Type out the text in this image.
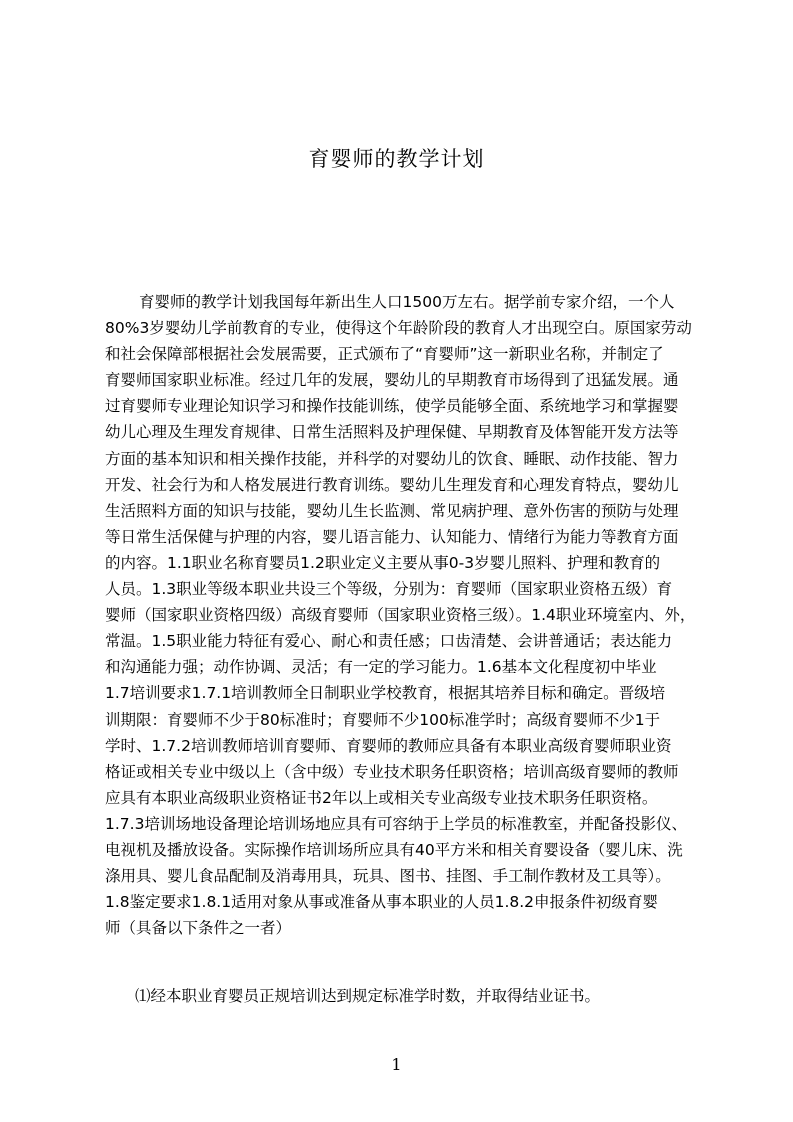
育婴师的教学计划
育婴师的教学计划我国每年新出生人口1500万左右。据学前专家介绍，一个人
80%3岁婴幼儿学前教育的专业，使得这个年龄阶段的教育人才出现空白。原国家劳动
和社会保障部根据社会发展需要，正式颁布了“育婴师”这一新职业名称，并制定了
育婴师国家职业标准。经过几年的发展，婴幼儿的早期教育市场得到了迅猛发展。通
过育婴师专业理论知识学习和操作技能训练，使学员能够全面、系统地学习和掌握婴
幼儿心理及生理发育规律、日常生活照料及护理保健、早期教育及体智能开发方法等
方面的基本知识和相关操作技能，并科学的对婴幼儿的饮食、睡眠、动作技能、智力
开发、社会行为和人格发展进行教育训练。婴幼儿生理发育和心理发育特点，婴幼儿
生活照料方面的知识与技能，婴幼儿生长监测、常见病护理、意外伤害的预防与处理
等日常生活保健与护理的内容，婴儿语言能力、认知能力、情绪行为能力等教育方面
的内容。1.1职业名称育婴员1.2职业定义主要从事0-3岁婴儿照料、护理和教育的
人员。1.3职业等级本职业共设三个等级，分别为：育婴师（国家职业资格五级）育
婴师（国家职业资格四级）高级育婴师（国家职业资格三级）。1.4职业环境室内、外，
常温。1.5职业能力特征有爱心、耐心和责任感；口齿清楚、会讲普通话；表达能力
和沟通能力强；动作协调、灵活；有一定的学习能力。1.6基本文化程度初中毕业
1.7培训要求1.7.1培训教师全日制职业学校教育，根据其培养目标和确定。晋级培
训期限：育婴师不少于80标准时；育婴师不少100标准学时；高级育婴师不少1于
学时、1.7.2培训教师培训育婴师、育婴师的教师应具备有本职业高级育婴师职业资
格证或相关专业中级以上（含中级）专业技术职务任职资格；培训高级育婴师的教师
应具有本职业高级职业资格证书2年以上或相关专业高级专业技术职务任职资格。
1.7.3培训场地设备理论培训场地应具有可容纳于上学员的标准教室，并配备投影仪、
电视机及播放设备。实际操作培训场所应具有40平方米和相关育婴设备（婴儿床、洗
涤用具、婴儿食品配制及消毒用具，玩具、图书、挂图、手工制作教材及工具等）。
1.8鉴定要求1.8.1适用对象从事或准备从事本职业的人员1.8.2申报条件初级育婴
师（具备以下条件之一者）
⑴经本职业育婴员正规培训达到规定标准学时数，并取得结业证书。
1
